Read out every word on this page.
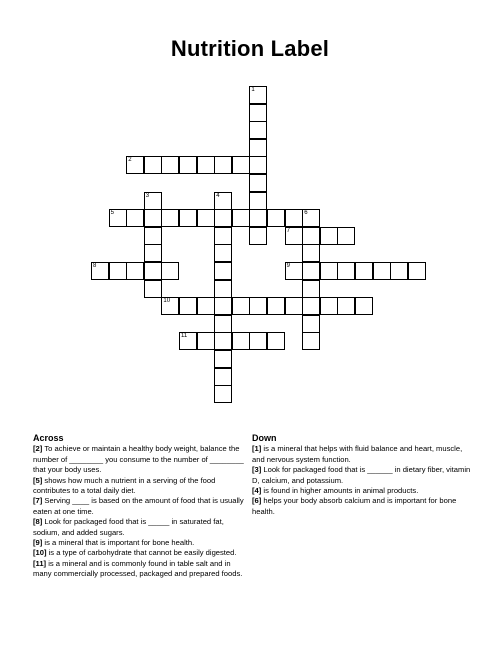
Nutrition Label
1
2
3	4
5	6
7
8	9
10
11
Across

[2] To achieve or maintain a healthy body weight, balance the number of ________ you consume to the number of ________ that your body uses.

[5] shows how much a nutrient in a serving of the food contributes to a total daily diet.

[7] Serving ____ is based on the amount of food that is usually eaten at one time.

[8] Look for packaged food that is _____ in saturated fat, sodium, and added sugars.

[9] is a mineral that is important for bone health.

[10] is a type of carbohydrate that cannot be easily digested.

[11] is a mineral and is commonly found in table salt and in many commercially processed, packaged and prepared foods.

Down

[1] is a mineral that helps with fluid balance and heart, muscle, and nervous system function.

[3] Look for packaged food that is ______ in dietary fiber, vitamin D, calcium, and potassium.

[4] is found in higher amounts in animal products.

[6] helps your body absorb calcium and is important for bone health.
